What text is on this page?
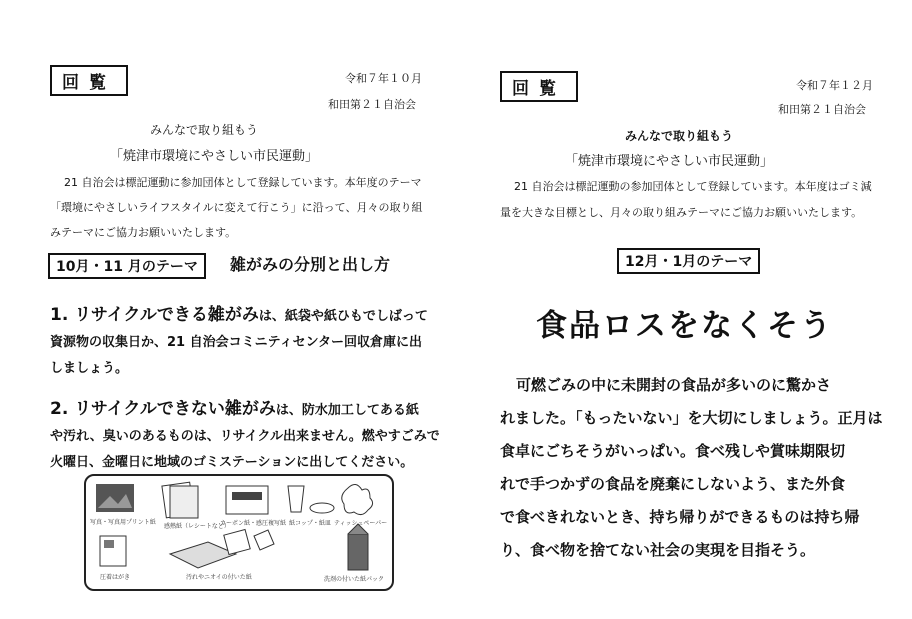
回覧	令和７年１０月
和田第２１自治会
みんなで取り組もう
「焼津市環境にやさしい市民運動」
21 自治会は標記運動に参加団体として登録しています。本年度のテーマ
「環境にやさしいライフスタイルに変えて行こう」に沿って、月々の取り組
みテーマにご協力お願いいたします。
10月・11 月のテーマ	雑がみの分別と出し方
1. リサイクルできる雑がみは、紙袋や紙ひもでしばって
資源物の収集日か、21 自治会コミニティセンター回収倉庫に出
しましょう。
2. リサイクルできない雑がみは、防水加工してある紙
や汚れ、臭いのあるものは、リサイクル出来ません。燃やすごみで
火曜日、金曜日に地域のゴミステーションに出してください。
写真・写真用プリント紙
感熱紙（レシートなど）
カーボン紙・感圧複写紙 紙コップ・紙皿 ティッシュペーパー
圧着はがき	汚れやニオイの付いた紙	洗剤の付いた紙パック
回覧	令和７年１２月
和田第２１自治会
みんなで取り組もう
「焼津市環境にやさしい市民運動」
21 自治会は標記運動の参加団体として登録しています。本年度はゴミ減
量を大きな目標とし、月々の取り組みテーマにご協力お願いいたします。
12月・1月のテーマ
食品ロスをなくそう
可燃ごみの中に未開封の食品が多いのに驚かさ
れました。「もったいない」を大切にしましょう。正月は
食卓にごちそうがいっぱい。食べ残しや賞味期限切
れで手つかずの食品を廃棄にしないよう、また外食
で食べきれないとき、持ち帰りができるものは持ち帰
り、食べ物を捨てない社会の実現を目指そう。
